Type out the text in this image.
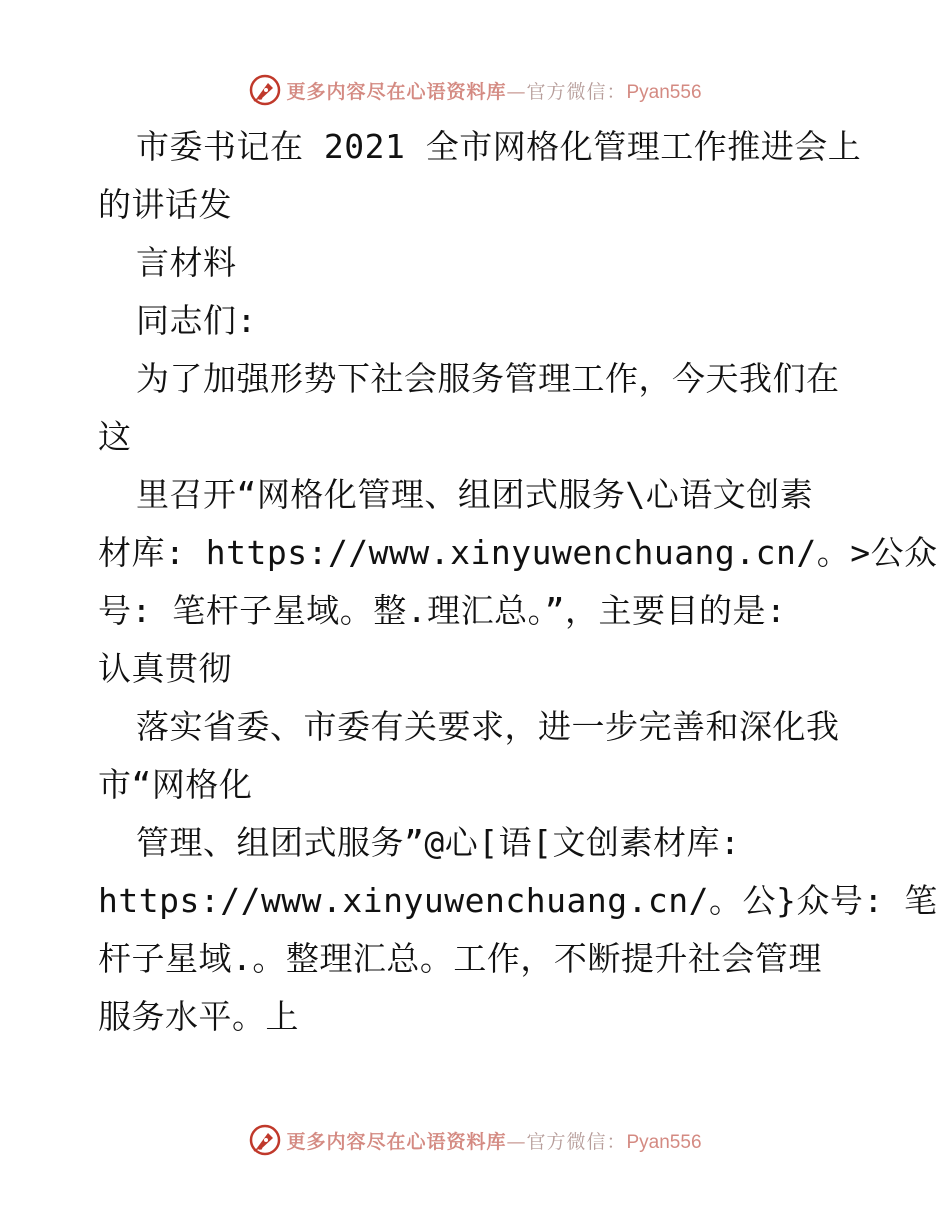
更多内容尽在心语资料库—官方微信：Pyan556
市委书记在 2021 全市网格化管理工作推进会上
的讲话发
言材料
同志们:
为了加强形势下社会服务管理工作，今天我们在
这
里召开“网格化管理、组团式服务\心语文创素
材库: https://www.xinyuwenchuang.cn/。>公众
号: 笔杆子星域。整.理汇总。”，主要目的是:
认真贯彻
落实省委、市委有关要求，进一步完善和深化我
市“网格化
管理、组团式服务”@心[语[文创素材库:
https://www.xinyuwenchuang.cn/。公}众号: 笔
杆子星域.。整理汇总。工作，不断提升社会管理
服务水平。上
更多内容尽在心语资料库—官方微信：Pyan556
